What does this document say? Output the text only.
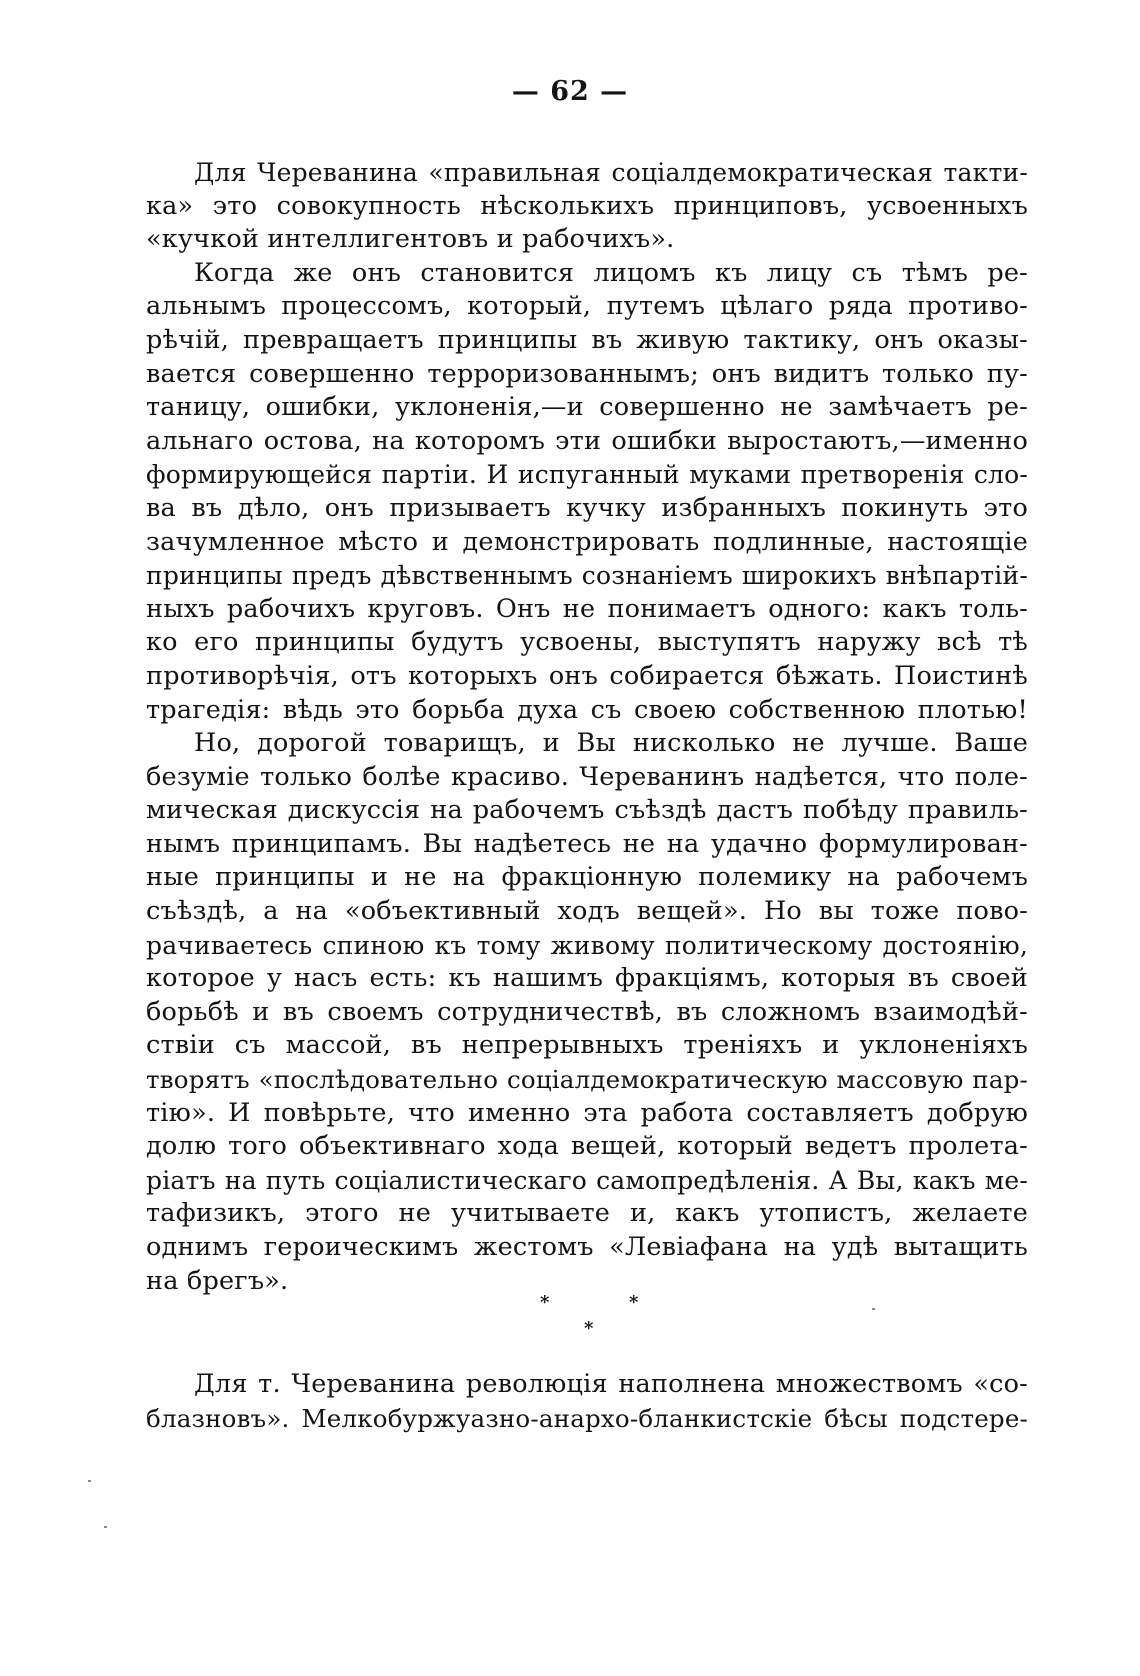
— 62 —
Для Череванина «правильная соціалдемократическая такти-
ка» это совокупность нѣсколькихъ принциповъ, усвоенныхъ
«кучкой интеллигентовъ и рабочихъ».
Когда же онъ становится лицомъ къ лицу съ тѣмъ ре-
альнымъ процессомъ, который, путемъ цѣлаго ряда противо-
рѣчій, превращаетъ принципы въ живую тактику, онъ оказы-
вается совершенно терроризованнымъ; онъ видитъ только пу-
таницу, ошибки, уклоненія,—и совершенно не замѣчаетъ ре-
альнаго остова, на которомъ эти ошибки выростаютъ,—именно
формирующейся партіи. И испуганный муками претворенія сло-
ва въ дѣло, онъ призываетъ кучку избранныхъ покинуть это
зачумленное мѣсто и демонстрировать подлинные, настоящіе
принципы предъ дѣвственнымъ сознаніемъ широкихъ внѣпартій-
ныхъ рабочихъ круговъ. Онъ не понимаетъ одного: какъ толь-
ко его принципы будутъ усвоены, выступятъ наружу всѣ тѣ
противорѣчія, отъ которыхъ онъ собирается бѣжать. Поистинѣ
трагедія: вѣдь это борьба духа съ своею собственною плотью!
Но, дорогой товарищъ, и Вы нисколько не лучше. Ваше
безуміе только болѣе красиво. Череванинъ надѣется, что поле-
мическая дискуссія на рабочемъ съѣздѣ дастъ побѣду правиль-
нымъ принципамъ. Вы надѣетесь не на удачно формулирован-
ные принципы и не на фракціонную полемику на рабочемъ
съѣздѣ, а на «объективный ходъ вещей». Но вы тоже пово-
рачиваетесь спиною къ тому живому политическому достоянію,
которое у насъ есть: къ нашимъ фракціямъ, которыя въ своей
борьбѣ и въ своемъ сотрудничествѣ, въ сложномъ взаимодѣй-
ствіи съ массой, въ непрерывныхъ треніяхъ и уклоненіяхъ
творятъ «послѣдовательно соціалдемократическую массовую пар-
тію». И повѣрьте, что именно эта работа составляетъ добрую
долю того объективнаго хода вещей, который ведетъ пролета-
ріатъ на путь соціалистическаго самопредѣленія. А Вы, какъ ме-
тафизикъ, этого не учитываете и, какъ утопистъ, желаете
однимъ героическимъ жестомъ «Левіафана на удѣ вытащить
на брегъ».
*	*
*
Для т. Череванина революція наполнена множествомъ «со-
блазновъ». Мелкобуржуазно-анархо-бланкистскіе бѣсы подстере-
